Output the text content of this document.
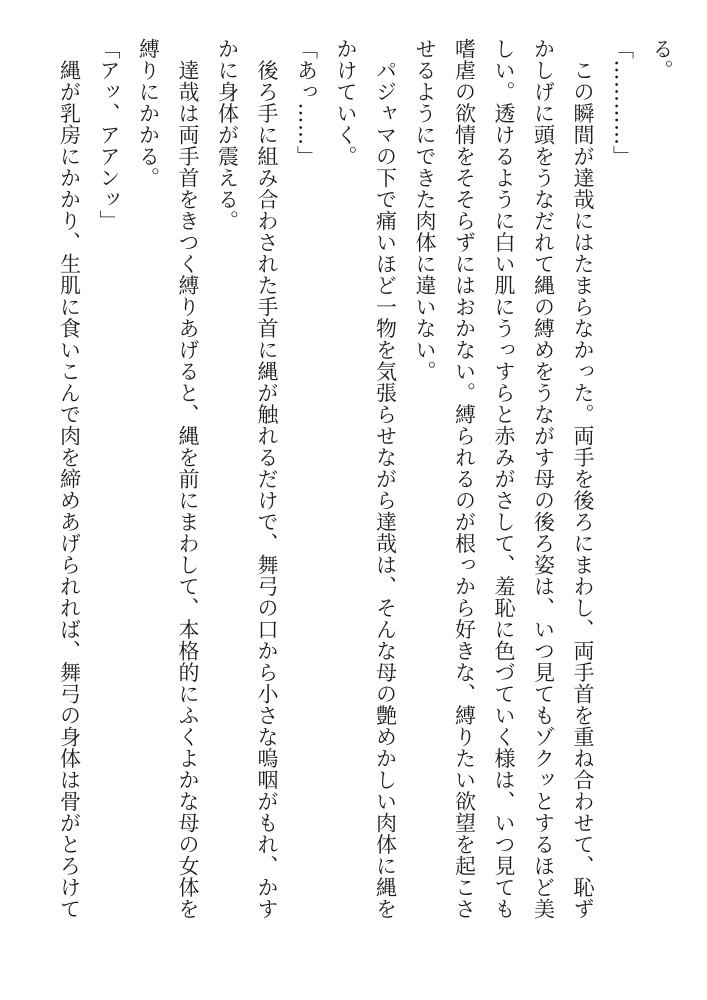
る。
「…………」
　この瞬間が達哉にはたまらなかった。両手を後ろにまわし、両手首を重ね合わせて、恥ず
かしげに頭をうなだれて縄の縛めをうながす母の後ろ姿は、いつ見てもゾクッとするほど美
しい。透けるように白い肌にうっすらと赤みがさして、羞恥に色づていく様は、いつ見ても
嗜虐の欲情をそそらずにはおかない。縛られるのが根っから好きな、縛りたい欲望を起こさ
せるようにできた肉体に違いない。
　パジャマの下で痛いほど一物を気張らせながら達哉は、そんな母の艶めかしい肉体に縄を
かけていく。
「あっ……」
　後ろ手に組み合わされた手首に縄が触れるだけで、舞弓の口から小さな嗚咽がもれ、かす
かに身体が震える。
　達哉は両手首をきつく縛りあげると、縄を前にまわして、本格的にふくよかな母の女体を
縛りにかかる。
「アッ、アアンッ」
　縄が乳房にかかり、生肌に食いこんで肉を締めあげられれば、舞弓の身体は骨がとろけて
